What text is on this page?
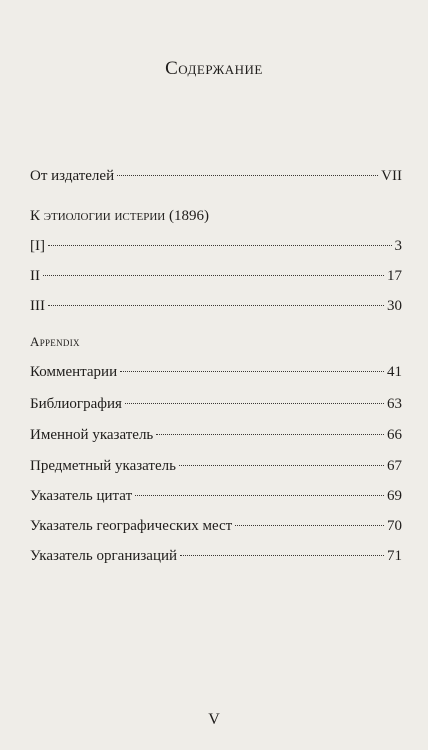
Содержание
От издателей	VII
К этиологии истерии (1896)
[I]	3
II	17
III	30
Appendix
Комментарии	41
Библиография	63
Именной указатель	66
Предметный указатель	67
Указатель цитат	69
Указатель географических мест	70
Указатель организаций	71
V
